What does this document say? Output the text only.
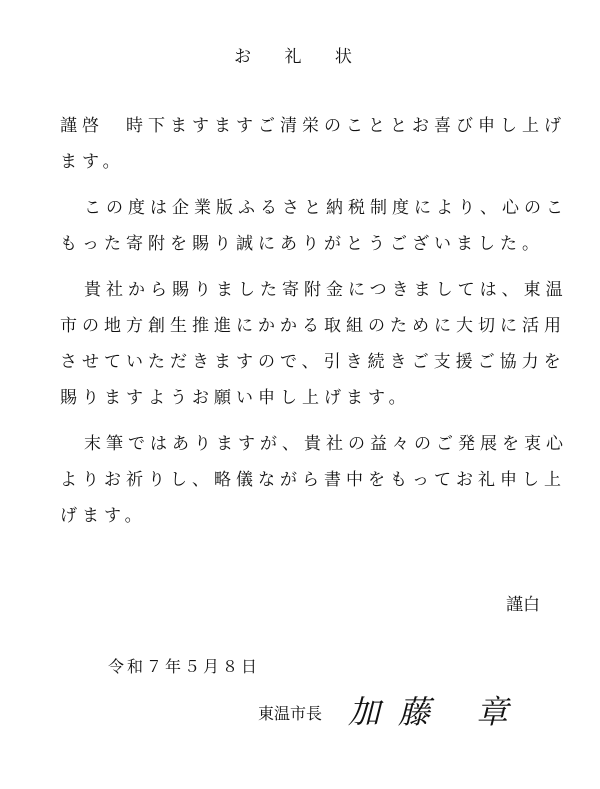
お 礼 状
謹啓　時下ますますご清栄のこととお喜び申し上げ
ます。
この度は企業版ふるさと納税制度により、心のこ
もった寄附を賜り誠にありがとうございました。
貴社から賜りました寄附金につきましては、東温
市の地方創生推進にかかる取組のために大切に活用
させていただきますので、引き続きご支援ご協力を
賜りますようお願い申し上げます。
末筆ではありますが、貴社の益々のご発展を衷心
よりお祈りし、略儀ながら書中をもってお礼申し上
げます。
謹白
令和７年５月８日
東温市長 加藤 章
